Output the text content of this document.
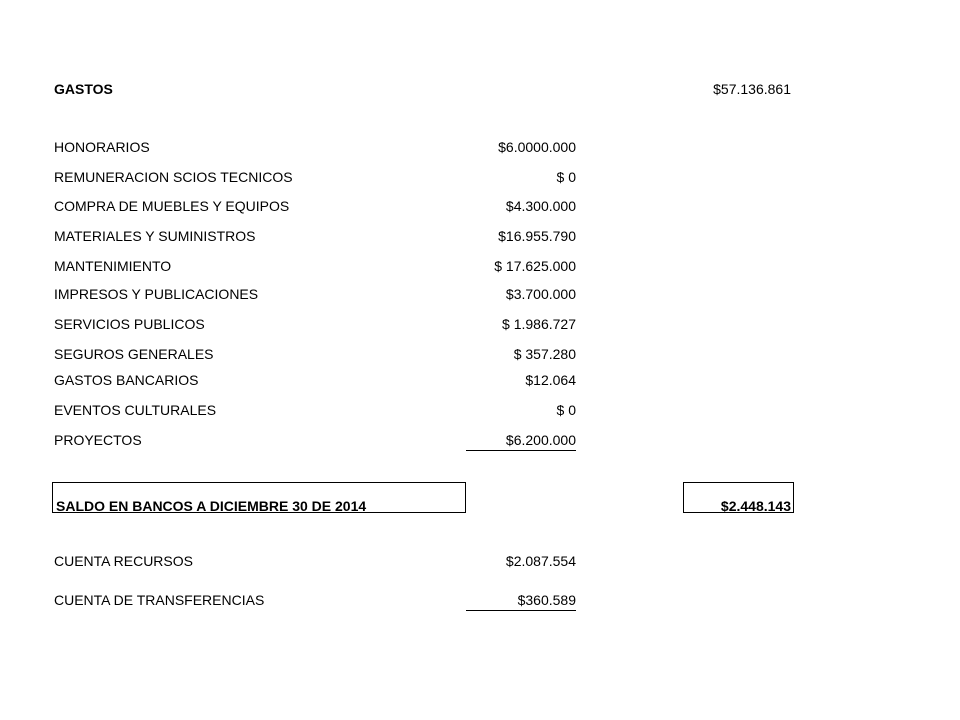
GASTOS	$57.136.861
HONORARIOS	$6.0000.000
REMUNERACION SCIOS TECNICOS	$ 0
COMPRA DE MUEBLES Y EQUIPOS	$4.300.000
MATERIALES Y SUMINISTROS	$16.955.790
MANTENIMIENTO	$ 17.625.000
IMPRESOS Y PUBLICACIONES	$3.700.000
SERVICIOS PUBLICOS	$ 1.986.727
SEGUROS GENERALES	$ 357.280
GASTOS BANCARIOS	$12.064
EVENTOS CULTURALES	$ 0
PROYECTOS	$6.200.000
SALDO EN BANCOS A DICIEMBRE 30 DE 2014	$2.448.143
CUENTA RECURSOS	$2.087.554
CUENTA DE TRANSFERENCIAS	$360.589
